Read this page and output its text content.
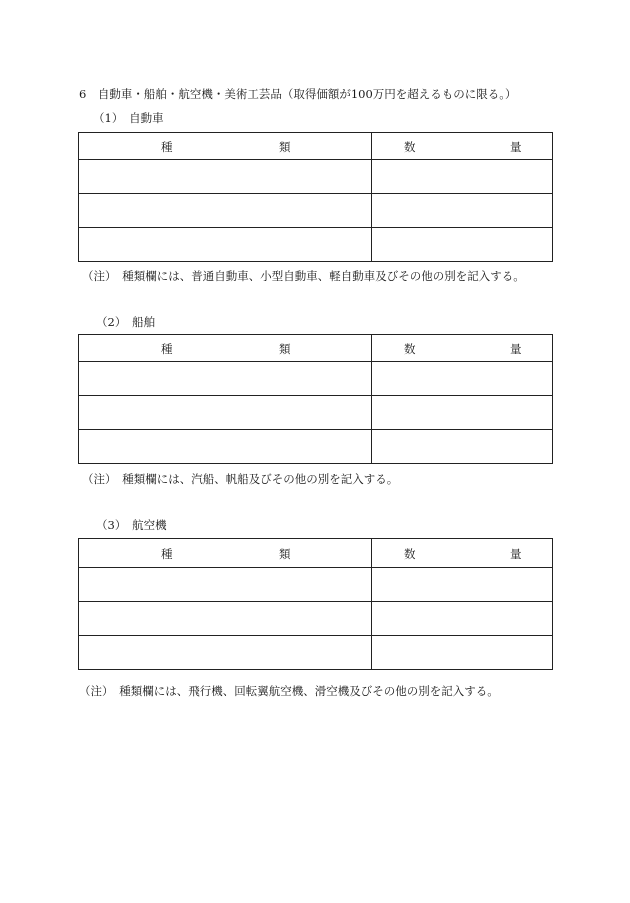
6　自動車・船舶・航空機・美術工芸品（取得価額が100万円を超えるものに限る。）
（1）　自動車
種 類	数 量

（注）　種類欄には、普通自動車、小型自動車、軽自動車及びその他の別を記入する。
（2）　船舶
種 類	数 量

（注）　種類欄には、汽船、帆船及びその他の別を記入する。
（3）　航空機
種 類	数 量

（注）　種類欄には、飛行機、回転翼航空機、滑空機及びその他の別を記入する。
